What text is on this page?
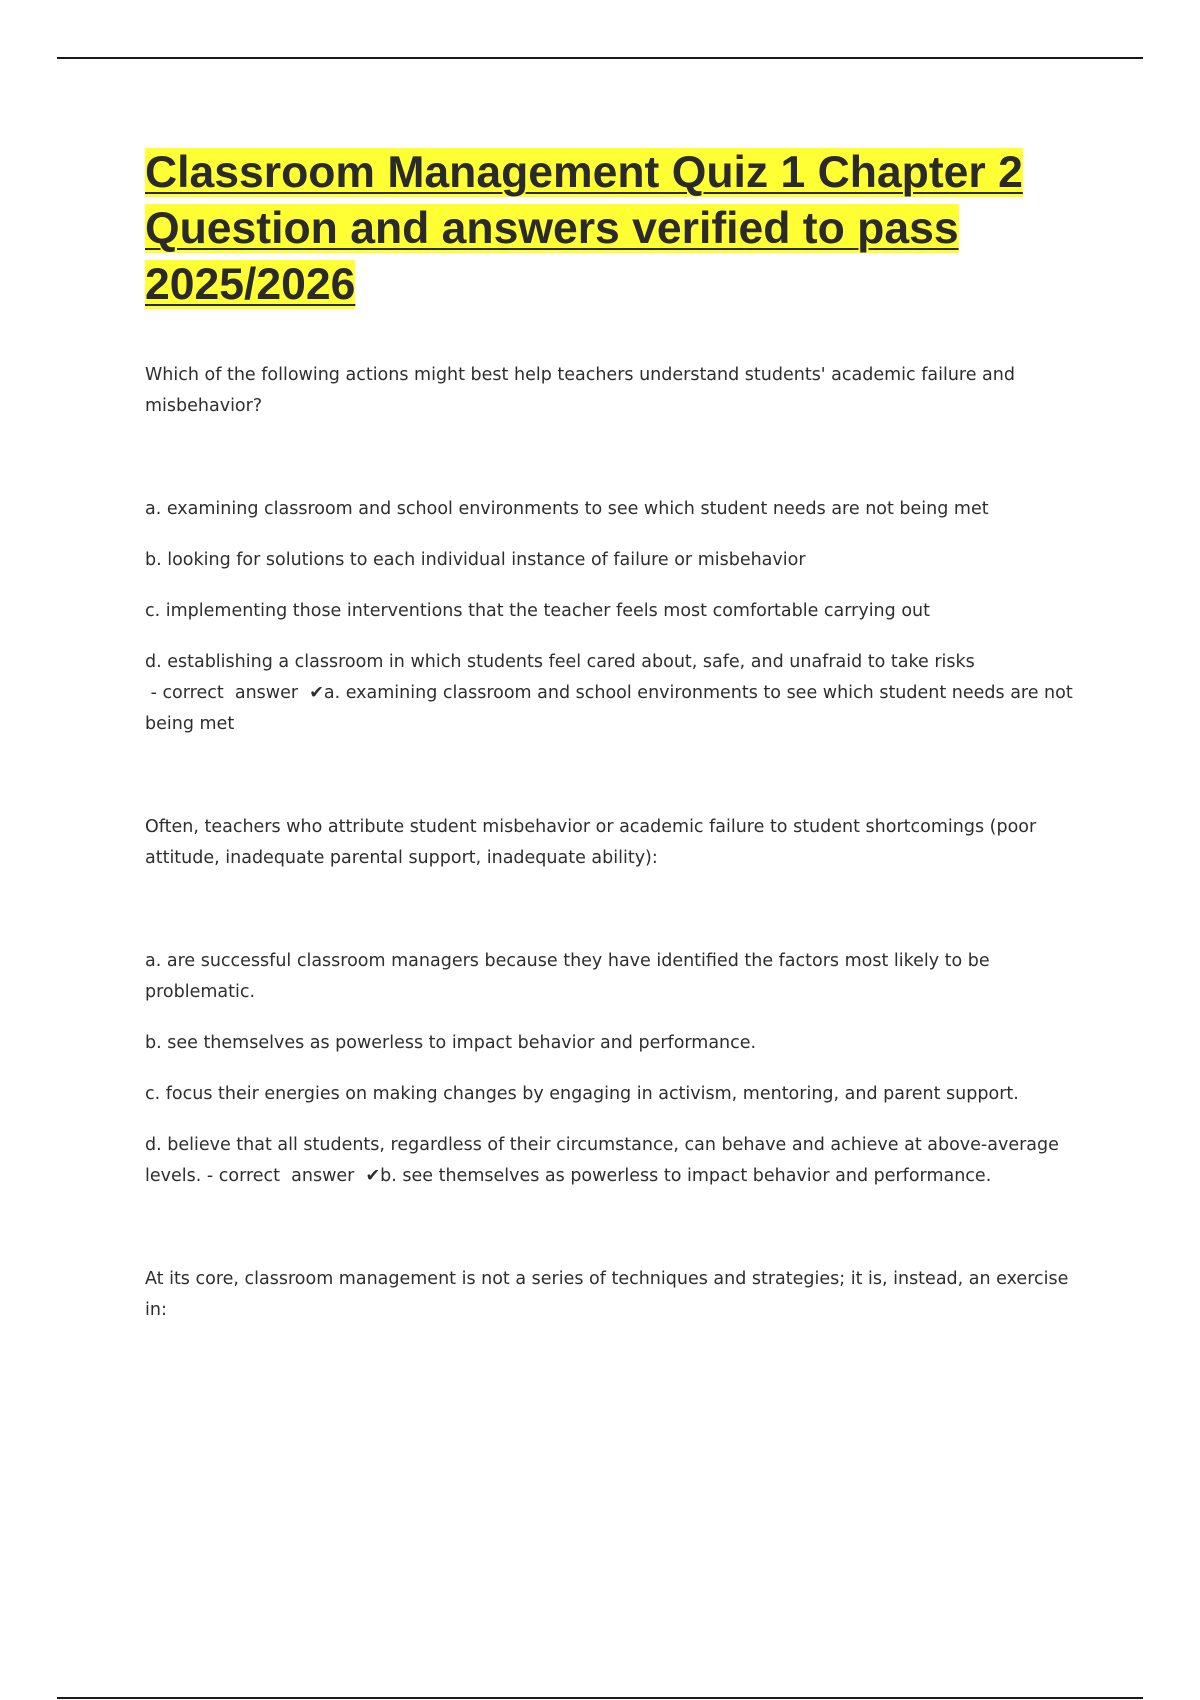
Classroom Management Quiz 1 Chapter 2 Question and answers verified to pass 2025/2026

Which of the following actions might best help teachers understand students' academic failure and misbehavior?

a. examining classroom and school environments to see which student needs are not being met

b. looking for solutions to each individual instance of failure or misbehavior

c. implementing those interventions that the teacher feels most comfortable carrying out

d. establishing a classroom in which students feel cared about, safe, and unafraid to take risks - correct  answer  ✔a. examining classroom and school environments to see which student needs are not being met

Often, teachers who attribute student misbehavior or academic failure to student shortcomings (poor attitude, inadequate parental support, inadequate ability):

a. are successful classroom managers because they have identified the factors most likely to be problematic.

b. see themselves as powerless to impact behavior and performance.

c. focus their energies on making changes by engaging in activism, mentoring, and parent support.

d. believe that all students, regardless of their circumstance, can behave and achieve at above-average levels. - correct  answer  ✔b. see themselves as powerless to impact behavior and performance.

At its core, classroom management is not a series of techniques and strategies; it is, instead, an exercise in:
